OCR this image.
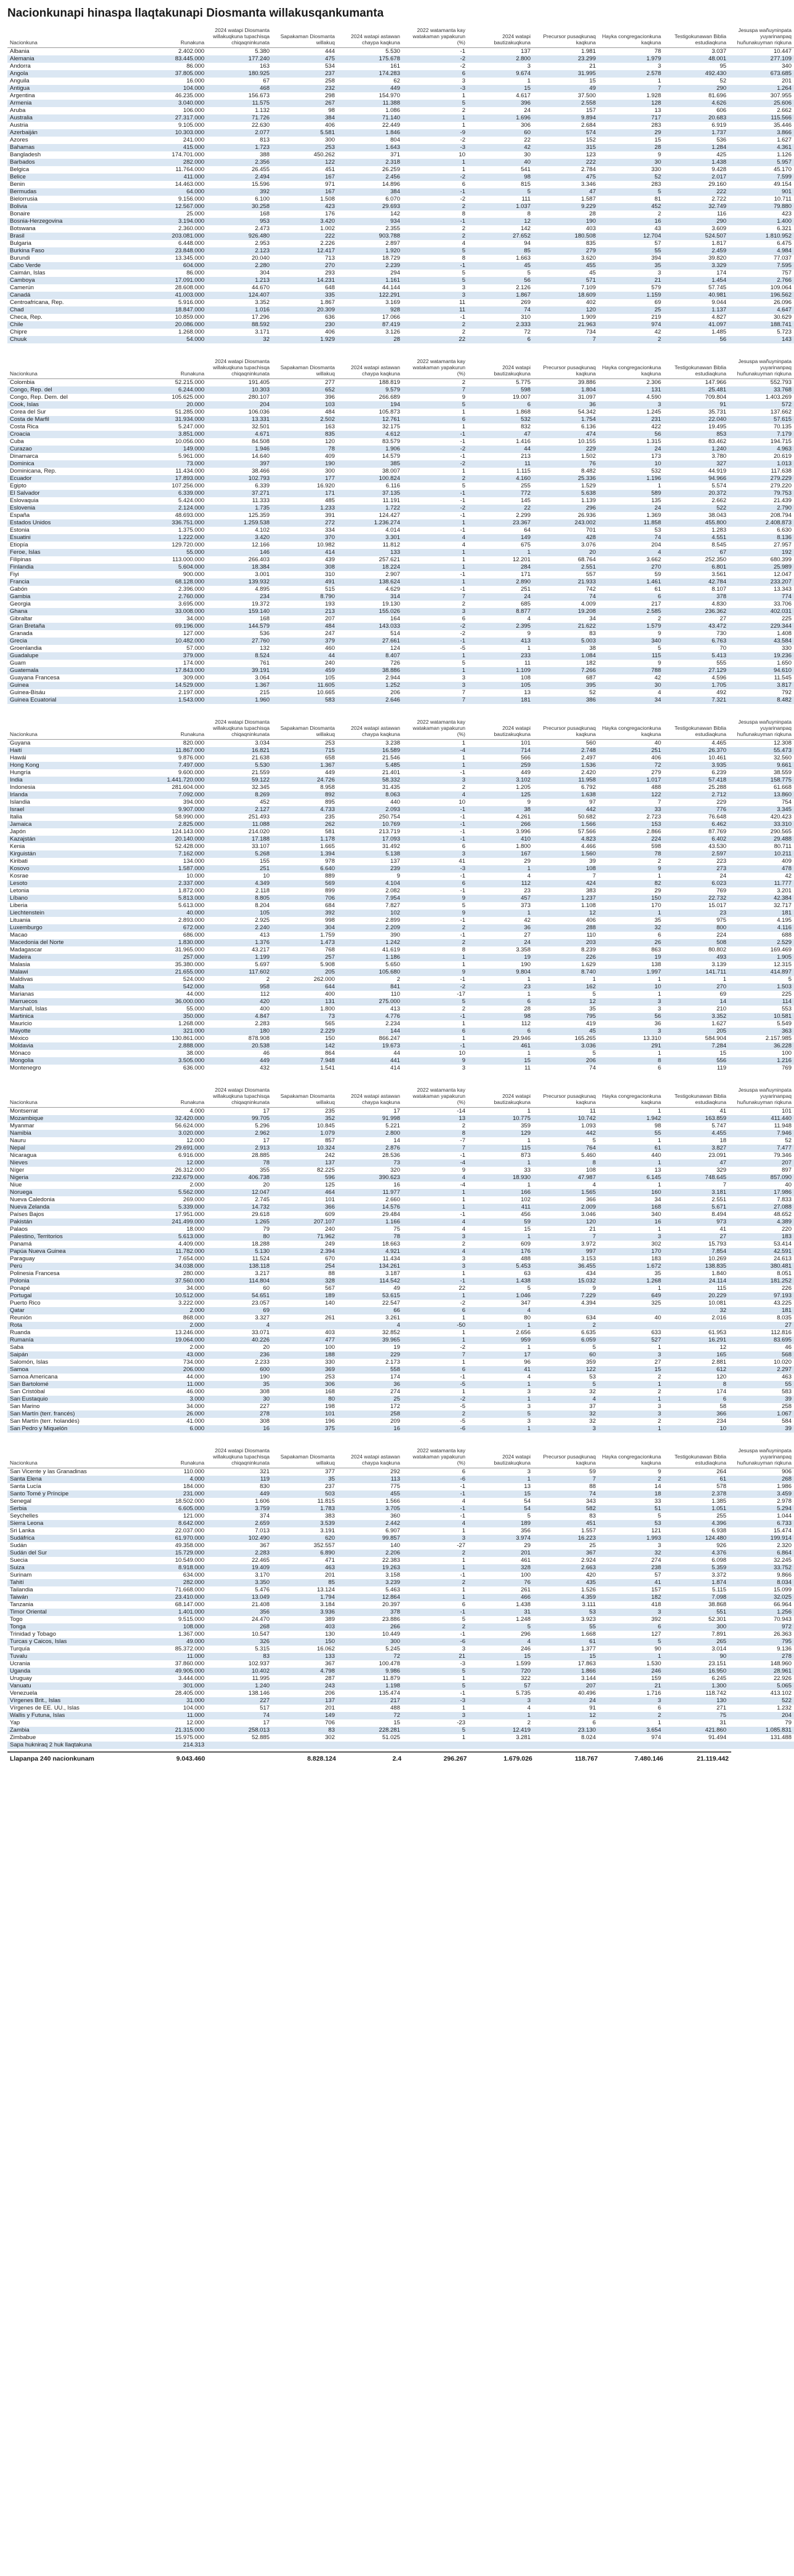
Nacionkunapi hinaspa llaqtakunapi Diosmanta willakusqankumanta
Nacionkuna	Runakuna	2024 watapi Diosmanta willakuqkuna tupachisqa chiqaqninkunata	Sapakaman Diosmanta willakuq	2024 watapi astawan chaypa kaqkuna	2022 watamanta kay watakaman yapakurun (%)	2024 watapi bautizakuqkuna	Precursor pusaqkunaq kaqkuna	Hayka congregacionkuna kaqkuna	Testigokunawan Biblia estudiaqkuna	Jesuspa wañuyninpata yuyarinanpaq huñunakuyman riqkuna
Albania	2.402.000	5.380	444	5.530	-1	137	1.981	78	3.037	10.447
Alemania	83.445.000	177.240	475	175.678	-2	2.800	23.299	1.979	48.001	277.109
Andorra	86.000	163	534	161	-2	3	21	3	95	340
Angola	37.805.000	180.925	237	174.283	6	9.674	31.995	2.578	492.430	673.685
Anguila	16.000	67	258	62	3	1	15	1	52	201
Antigua	104.000	468	232	449	-3	15	49	7	290	1.264
Argentina	46.235.000	156.673	298	154.970	1	4.617	37.500	1.928	81.696	307.955
Armenia	3.040.000	11.575	267	11.388	5	396	2.558	128	4.626	25.606
Aruba	106.000	1.132	98	1.086	2	24	157	13	606	2.662
Australia	27.317.000	71.726	384	71.140	1	1.696	9.894	717	20.683	115.566
Austria	9.105.000	22.630	406	22.449	1	306	2.684	283	6.919	35.446
Azerbaiján	10.303.000	2.077	5.581	1.846	-9	60	574	29	1.737	3.866
Azores	241.000	813	300	804	-2	22	152	15	536	1.627
Bahamas	415.000	1.723	253	1.643	-3	42	315	28	1.284	4.361
Bangladesh	174.701.000	388	450.262	371	10	30	123	9	425	1.126
Barbados	282.000	2.356	122	2.318	1	40	222	30	1.438	5.957
Belgica	11.764.000	26.455	451	26.259	1	541	2.784	330	9.428	45.170
Belice	411.000	2.494	167	2.456	-2	98	475	52	2.017	7.599
Benin	14.463.000	15.596	971	14.896	6	815	3.346	283	29.160	49.154
Bermudas	64.000	392	167	384	-1	5	47	5	222	901
Bielorrusia	9.156.000	6.100	1.508	6.070	-2	111	1.587	81	2.722	10.711
Bolivia	12.567.000	30.258	423	29.693	2	1.037	9.229	452	32.749	79.880
Bonaire	25.000	168	176	142	8	8	28	2	116	423
Bosnia-Herzegovina	3.194.000	953	3.420	934	-1	12	190	16	290	1.400
Botswana	2.360.000	2.473	1.002	2.355	2	142	403	43	3.609	6.321
Brasil	203.081.000	926.480	222	903.788	2	27.652	180.508	12.704	524.507	1.810.952
Bulgaria	6.448.000	2.953	2.226	2.897	4	94	835	57	1.817	6.475
Burkina Faso	23.848.000	2.123	12.417	1.920	5	85	279	55	2.459	4.984
Burundi	13.345.000	20.040	713	18.729	8	1.663	3.620	394	39.820	77.037
Cabo Verde	604.000	2.280	270	2.239	-1	45	455	35	3.329	7.595
Caimán, Islas	86.000	304	293	294	5	5	45	3	174	757
Camboya	17.091.000	1.213	14.231	1.161	5	56	571	21	1.454	2.766
Camerún	28.608.000	44.670	648	44.144	3	2.126	7.109	579	57.745	109.064
Canadá	41.003.000	124.407	335	122.291	3	1.867	18.609	1.159	40.981	196.562
Centroafricana, Rep.	5.916.000	3.352	1.867	3.169	11	269	402	69	9.044	26.096
Chad	18.847.000	1.016	20.309	928	11	74	120	25	1.137	4.647
Checa, Rep.	10.859.000	17.296	636	17.066	-1	310	1.909	219	4.827	30.629
Chile	20.086.000	88.592	230	87.419	2	2.333	21.963	974	41.097	188.741
Chipre	1.268.000	3.171	406	3.126	2	72	734	42	1.485	5.723
Chuuk	54.000	32	1.929	28	22	6	7	2	56	143
Nacionkuna	Runakuna	2024 watapi Diosmanta willakuqkuna tupachisqa chiqaqninkunata	Sapakaman Diosmanta willakuq	2024 watapi astawan chaypa kaqkuna	2022 watamanta kay watakaman yapakurun (%)	2024 watapi bautizakuqkuna	Precursor pusaqkunaq kaqkuna	Hayka congregacionkuna kaqkuna	Testigokunawan Biblia estudiaqkuna	Jesuspa wañuyninpata yuyarinanpaq huñunakuyman riqkuna
Colombia	52.215.000	191.405	277	188.819	2	5.775	39.886	2.306	147.966	552.793
Congo, Rep. del	6.244.000	10.303	652	9.579	7	598	1.804	131	25.481	33.768
Congo, Rep. Dem. del	105.625.000	280.107	396	266.689	9	19.007	31.097	4.590	709.804	1.403.269
Cook, Islas	20.000	204	103	194	5	6	36	3	91	572
Corea del Sur	51.285.000	106.036	484	105.873	1	1.868	54.342	1.245	35.731	137.662
Costa de Marfil	31.934.000	13.331	2.502	12.761	6	532	1.754	231	22.040	57.615
Costa Rica	5.247.000	32.501	163	32.175	1	832	6.136	422	19.495	70.135
Croacia	3.851.000	4.671	835	4.612	-1	47	474	56	853	7.179
Cuba	10.056.000	84.508	120	83.579	-1	1.416	10.155	1.315	83.462	194.715
Curazao	149.000	1.946	78	1.906	-2	44	229	24	1.240	4.963
Dinamarca	5.961.000	14.640	409	14.579	-1	213	1.502	173	3.780	20.619
Dominica	73.000	397	190	385	-2	11	76	10	327	1.013
Dominicana, Rep.	11.434.000	38.466	300	38.007	1	1.115	8.482	532	44.919	117.638
Ecuador	17.893.000	102.793	177	100.824	2	4.160	25.336	1.196	94.966	279.229
Egipto	107.256.000	6.339	16.920	6.116	5	255	1.529	1	5.574	279.220
El Salvador	6.339.000	37.271	171	37.135	-1	772	5.638	589	20.372	79.753
Eslovaquia	5.424.000	11.333	485	11.191	-1	145	1.139	135	2.662	21.439
Eslovenia	2.124.000	1.735	1.233	1.722	-2	22	296	24	522	2.790
España	48.693.000	125.359	391	124.427	-1	2.299	26.936	1.369	38.043	208.794
Estados Unidos	336.751.000	1.259.538	272	1.236.274	1	23.367	243.002	11.858	455.800	2.408.873
Estonia	1.375.000	4.102	334	4.014	-1	64	701	53	1.283	6.630
Esuatini	1.222.000	3.420	370	3.301	4	149	428	74	4.551	8.136
Etiopía	129.720.000	12.166	10.982	11.812	4	675	3.076	204	8.545	27.957
Feroe, Islas	55.000	146	414	133	1	1	20	4	67	192
Filipinas	113.000.000	266.403	439	257.621	1	12.201	68.764	3.662	252.350	680.399
Finlandia	5.604.000	18.384	308	18.224	1	284	2.551	270	6.801	25.989
Fiyi	900.000	3.001	310	2.907	-1	171	557	59	3.561	12.047
Francia	68.128.000	139.932	491	138.624	1	2.890	21.933	1.461	42.784	233.207
Gabón	2.396.000	4.895	515	4.629	-1	251	742	61	8.107	13.343
Gambia	2.760.000	234	8.790	314	7	24	74	6	378	774
Georgia	3.695.000	19.372	193	19.130	2	685	4.009	217	4.830	33.706
Ghana	33.008.000	159.140	213	155.026	3	8.877	19.208	2.585	236.362	402.031
Gibraltar	34.000	168	207	164	6	4	34	2	27	225
Gran Bretaña	69.196.000	144.579	484	143.033	-2	2.395	21.622	1.579	43.472	229.344
Granada	127.000	536	247	514	-2	9	83	9	730	1.408
Grecia	10.482.000	27.760	379	27.661	-1	413	5.003	340	6.763	43.584
Groenlandia	57.000	132	460	124	-5	1	38	5	70	330
Guadalupe	379.000	8.524	44	8.407	1	233	1.084	115	5.413	19.236
Guam	174.000	761	240	726	5	11	182	9	555	1.650
Guatemala	17.843.000	39.191	459	38.886	1	1.109	7.266	788	27.129	94.610
Guayana Francesa	309.000	3.064	105	2.944	3	108	687	42	4.596	11.545
Guinea	14.529.000	1.367	11.605	1.252	3	105	395	30	1.705	3.817
Guinea-Bisáu	2.197.000	215	10.665	206	7	13	52	4	492	792
Guinea Ecuatorial	1.543.000	1.960	583	2.646	7	181	386	34	7.321	8.482
Nacionkuna	Runakuna	2024 watapi Diosmanta willakuqkuna tupachisqa chiqaqninkunata	Sapakaman Diosmanta willakuq	2024 watapi astawan chaypa kaqkuna	2022 watamanta kay watakaman yapakurun (%)	2024 watapi bautizakuqkuna	Precursor pusaqkunaq kaqkuna	Hayka congregacionkuna kaqkuna	Testigokunawan Biblia estudiaqkuna	Jesuspa wañuyninpata yuyarinanpaq huñunakuyman riqkuna
Guyana	820.000	3.034	253	3.238	1	101	560	40	4.465	12.308
Haití	11.867.000	16.821	715	16.589	-4	714	2.748	251	26.370	55.473
Hawái	9.876.000	21.638	658	21.546	1	566	2.497	406	10.461	32.560
Hong Kong	7.497.000	5.530	1.367	5.485	1	259	1.536	72	3.935	9.661
Hungría	9.600.000	21.559	449	21.401	-1	449	2.420	279	6.239	38.559
India	1.441.720.000	59.122	24.726	58.332	3	3.102	11.958	1.017	57.418	158.775
Indonesia	281.604.000	32.345	8.958	31.435	2	1.205	6.792	488	25.288	61.668
Irlanda	7.092.000	8.269	892	8.063	4	125	1.638	122	2.712	13.860
Islandia	394.000	452	895	440	10	9	97	7	229	754
Israel	9.907.000	2.127	4.733	2.093	-1	38	442	33	776	3.345
Italia	58.990.000	251.493	235	250.754	-1	4.261	50.682	2.723	76.648	420.423
Jamaica	2.825.000	11.088	262	10.769	-1	266	1.566	153	6.462	33.310
Japón	124.143.000	214.020	581	213.719	-1	3.996	57.566	2.866	87.769	290.565
Kazajstán	20.140.000	17.188	1.178	17.093	-1	410	4.823	224	6.402	29.488
Kenia	52.428.000	33.107	1.665	31.492	6	1.800	4.466	598	43.530	80.711
Kirguistán	7.162.000	5.268	1.394	5.138	3	167	1.560	78	2.597	10.211
Kiribati	134.000	155	978	137	41	29	39	2	223	409
Kosovo	1.587.000	251	6.640	239	-3	1	108	9	273	478
Kosrae	10.000	10	889	9	-1	4	7	1	24	42
Lesoto	2.337.000	4.349	569	4.104	6	112	424	82	6.023	11.777
Letonia	1.872.000	2.118	899	2.082	-1	23	383	29	769	3.201
Líbano	5.813.000	8.805	706	7.954	9	457	1.237	150	22.732	42.384
Liberia	5.613.000	8.204	684	7.827	5	373	1.108	170	15.017	32.717
Liechtenstein	40.000	105	392	102	9	1	12	1	23	181
Lituania	2.893.000	2.925	998	2.899	-1	42	406	35	975	4.195
Luxemburgo	672.000	2.240	304	2.209	2	36	288	32	800	4.116
Macao	686.000	413	1.759	390	-1	27	110	6	224	688
Macedonia del Norte	1.830.000	1.376	1.473	1.242	2	24	203	26	508	2.529
Madagascar	31.965.000	43.217	768	41.619	8	3.358	8.239	863	80.802	169.469
Madeira	257.000	1.199	257	1.186	1	19	226	19	493	1.905
Malasia	35.380.000	5.697	5.908	5.650	1	190	1.629	138	3.139	12.315
Malawi	21.655.000	117.602	205	105.680	9	9.804	8.740	1.997	141.711	414.897
Maldivas	524.000	2	262.000	2	-1	1	1	1	1	5
Malta	542.000	958	644	841	-2	23	162	10	270	1.503
Marianas	44.000	112	400	110	-17	1	5	1	69	225
Marruecos	36.000.000	420	131	275.000	5	6	12	3	14	114
Marshall, Islas	55.000	400	1.800	413	2	28	35	3	210	553
Martinica	350.000	4.847	73	4.776	-1	98	795	56	3.352	10.581
Mauricio	1.268.000	2.283	565	2.234	1	112	419	36	1.627	5.549
Mayotte	321.000	180	2.229	144	6	6	45	3	205	363
México	130.861.000	878.908	150	866.247	1	29.946	165.265	13.310	584.904	2.157.985
Moldavia	2.888.000	20.538	142	19.673	-1	461	3.036	291	7.284	36.228
Mónaco	38.000	46	864	44	10	1	5	1	15	100
Mongolia	3.505.000	449	7.948	441	9	15	206	8	556	1.216
Montenegro	636.000	432	1.541	414	3	11	74	6	119	769
Nacionkuna	Runakuna	2024 watapi Diosmanta willakuqkuna tupachisqa chiqaqninkunata	Sapakaman Diosmanta willakuq	2024 watapi astawan chaypa kaqkuna	2022 watamanta kay watakaman yapakurun (%)	2024 watapi bautizakuqkuna	Precursor pusaqkunaq kaqkuna	Hayka congregacionkuna kaqkuna	Testigokunawan Biblia estudiaqkuna	Jesuspa wañuyninpata yuyarinanpaq huñunakuyman riqkuna
Montserrat	4.000	17	235	17	-14	1	11	1	41	101
Mozambique	32.420.000	99.705	352	91.998	13	10.775	10.742	1.942	163.859	411.440
Myanmar	56.624.000	5.296	10.845	5.221	2	359	1.093	98	5.747	11.948
Namibia	3.020.000	2.962	1.079	2.800	8	129	442	55	4.455	7.946
Nauru	12.000	17	857	14	-7	1	5	1	18	52
Nepal	29.691.000	2.913	10.324	2.876	7	115	764	61	3.827	7.477
Nicaragua	6.916.000	28.885	242	28.536	-1	873	5.460	440	23.091	79.346
Nieves	12.000	78	137	73	-4	1	8	1	47	207
Níger	26.312.000	355	82.225	320	9	33	108	13	329	897
Nigeria	232.679.000	406.738	596	390.623	4	18.930	47.987	6.145	748.645	857.090
Niue	2.000	20	125	16	-4	1	4	1	7	40
Noruega	5.562.000	12.047	464	11.977	1	166	1.565	160	3.181	17.986
Nueva Caledonia	269.000	2.745	101	2.660	1	102	366	34	2.551	7.833
Nueva Zelanda	5.339.000	14.732	366	14.576	1	411	2.009	168	5.671	27.088
Países Bajos	17.951.000	29.618	609	29.484	-1	456	3.046	340	8.494	48.652
Pakistán	241.499.000	1.265	207.107	1.166	4	59	120	16	973	4.389
Palaos	18.000	79	240	75	4	15	21	1	41	220
Palestino, Territorios	5.613.000	80	71.962	78	3	1	7	3	27	183
Panamá	4.409.000	18.288	249	18.663	2	609	3.972	302	15.793	53.414
Papúa Nueva Guinea	11.782.000	5.130	2.394	4.921	4	176	997	170	7.854	42.591
Paraguay	7.654.000	11.524	670	11.434	3	488	3.153	183	10.269	24.613
Perú	34.038.000	138.118	254	134.261	3	5.453	36.455	1.672	138.835	380.481
Polinesia Francesa	280.000	3.217	88	3.187	1	63	434	35	1.840	8.051
Polonia	37.560.000	114.804	328	114.542	-1	1.438	15.032	1.268	24.114	181.252
Ponapé	34.000	60	567	49	22	5	9	1	115	226
Portugal	10.512.000	54.651	189	53.615	1	1.046	7.229	649	20.229	97.193
Puerto Rico	3.222.000	23.057	140	22.547	-2	347	4.394	325	10.081	43.225
Qatar	2.000	69		66	6	4			32	181
Reunión	868.000	3.327	261	3.261	1	80	634	40	2.016	8.035
Rota	2.000	4		4	-50	1	2			27
Ruanda	13.246.000	33.071	403	32.852	1	2.656	6.635	633	61.953	112.816
Rumanía	19.064.000	40.226	477	39.965	1	959	6.059	527	16.291	83.695
Saba	2.000	20	100	19	-2	1	5	1	12	46
Saipán	43.000	236	188	229	7	17	60	3	165	568
Salomón, Islas	734.000	2.233	330	2.173	1	96	359	27	2.881	10.020
Samoa	206.000	600	369	558	6	41	122	15	612	2.297
Samoa Americana	44.000	190	253	174	-1	4	53	2	120	463
San Bartolomé	11.000	35	306	36	-5	1	5	1	8	55
San Cristóbal	46.000	308	168	274	1	3	32	2	174	583
San Eustaquio	3.000	30	80	25	-2	1	4	1	6	39
San Marino	34.000	227	198	172	-5	3	37	3	58	258
San Martín (terr. francés)	26.000	278	101	258	2	5	32	3	366	1.067
San Martín (terr. holandés)	41.000	308	196	209	-5	3	32	2	234	584
San Pedro y Miquelón	6.000	16	375	16	-6	1	3	1	10	39
Nacionkuna	Runakuna	2024 watapi Diosmanta willakuqkuna tupachisqa chiqaqninkunata	Sapakaman Diosmanta willakuq	2024 watapi astawan chaypa kaqkuna	2022 watamanta kay watakaman yapakurun (%)	2024 watapi bautizakuqkuna	Precursor pusaqkunaq kaqkuna	Hayka congregacionkuna kaqkuna	Testigokunawan Biblia estudiaqkuna	Jesuspa wañuyninpata yuyarinanpaq huñunakuyman riqkuna
San Vicente y las Granadinas	110.000	321	377	292	6	3	59	9	264	906
Santa Elena	4.000	119	35	113	-6	1	7	2	61	268
Santa Lucía	184.000	830	237	775	-1	13	88	14	578	1.986
Santo Tomé y Príncipe	231.000	449	503	455	-1	15	74	18	2.378	3.459
Senegal	18.502.000	1.606	11.815	1.566	4	54	343	33	1.385	2.978
Serbia	6.605.000	3.759	1.783	3.705	-1	54	582	51	1.051	5.294
Seychelles	121.000	374	383	360	-1	5	83	5	255	1.044
Sierra Leona	8.642.000	2.659	3.539	2.442	4	189	451	53	4.396	6.733
Sri Lanka	22.037.000	7.013	3.191	6.907	1	356	1.557	121	6.938	15.474
Sudáfrica	61.970.000	102.490	620	99.857	3	3.974	16.223	1.993	124.480	199.914
Sudán	49.358.000	367	352.557	140	-27	29	25	3	926	2.320
Sudán del Sur	15.729.000	2.283	6.890	2.206	2	201	367	32	4.376	6.864
Suecia	10.549.000	22.465	471	22.383	1	461	2.924	274	6.098	32.245
Suiza	8.918.000	19.409	463	19.263	1	328	2.663	238	5.359	33.752
Surinam	634.000	3.170	201	3.158	-1	100	420	57	3.372	9.866
Tahití	282.000	3.350	85	3.239	2	76	435	41	1.874	8.034
Tailandia	71.668.000	5.476	13.124	5.463	1	261	1.526	157	5.115	15.099
Taiwán	23.410.000	13.049	1.794	12.864	1	466	4.359	182	7.098	32.025
Tanzania	68.147.000	21.408	3.184	20.397	6	1.438	3.111	418	38.868	66.964
Timor Oriental	1.401.000	356	3.936	378	-1	31	53	3	551	1.256
Togo	9.515.000	24.470	389	23.886	5	1.248	3.923	392	52.301	70.943
Tonga	108.000	268	403	266	2	5	55	6	300	972
Trinidad y Tobago	1.367.000	10.547	130	10.449	-1	296	1.668	127	7.891	26.363
Turcas y Caicos, Islas	49.000	326	150	300	-6	4	61	5	265	795
Turquía	85.372.000	5.315	16.062	5.245	3	246	1.377	90	3.014	9.136
Tuvalu	11.000	83	133	72	21	15	15	1	90	278
Ucrania	37.860.000	102.937	367	100.478	-3	1.599	17.863	1.530	23.151	148.960
Uganda	49.905.000	10.402	4.798	9.986	5	720	1.866	246	16.950	28.961
Uruguay	3.444.000	11.995	287	11.879	1	322	3.144	159	6.245	22.926
Vanuatu	301.000	1.240	243	1.198	5	57	207	21	1.300	5.065
Venezuela	28.405.000	138.146	206	135.474	-1	5.735	40.496	1.716	118.742	413.102
Vírgenes Brit., Islas	31.000	227	137	217	-3	3	24	3	130	522
Vírgenes de EE. UU., Islas	104.000	517	201	488	1	4	91	6	271	1.232
Wallis y Futuna, Islas	11.000	74	149	72	3	1	12	2	75	204
Yap	12.000	17	706	15	-23	2	6	1	31	79
Zambia	21.315.000	258.013	83	228.281	5	12.419	23.130	3.654	421.860	1.085.831
Zimbabue	15.975.000	52.885	302	51.025	1	3.281	8.024	974	91.494	131.488
Sapa hukniraq 2 huk llaqtakuna	214.313									
Llapanpa 240 nacionkunam	9.043.460		8.828.124	2.4	296.267	1.679.026	118.767	7.480.146	21.119.442
